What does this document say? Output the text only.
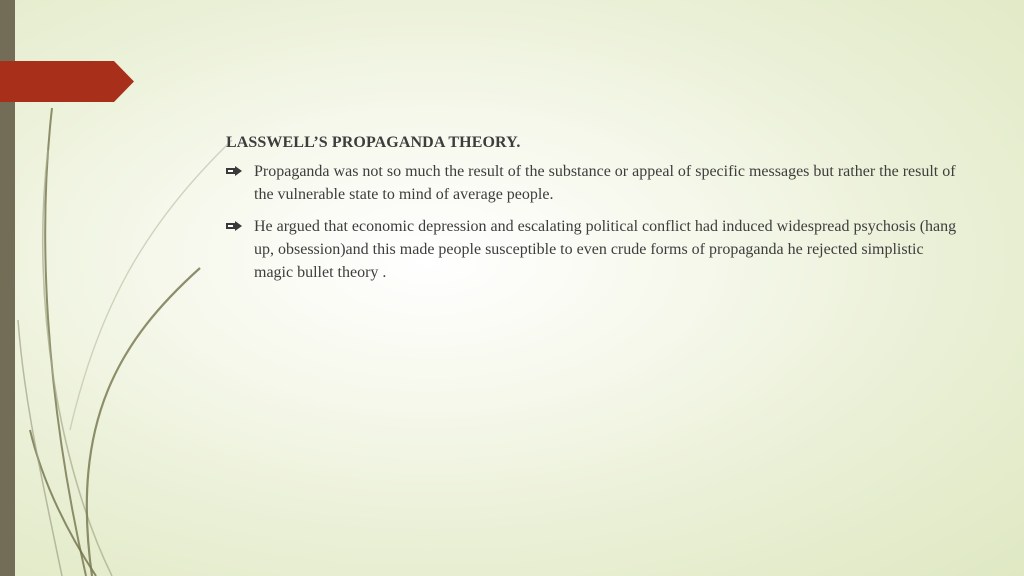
LASSWELL’S PROPAGANDA THEORY.
Propaganda was not so much the result of the substance or appeal of specific messages but rather the result of the vulnerable state to mind of average people.
He argued that economic depression and escalating political conflict had induced widespread psychosis (hang up, obsession)and this made people susceptible to even crude forms of propaganda he rejected simplistic magic bullet theory .
